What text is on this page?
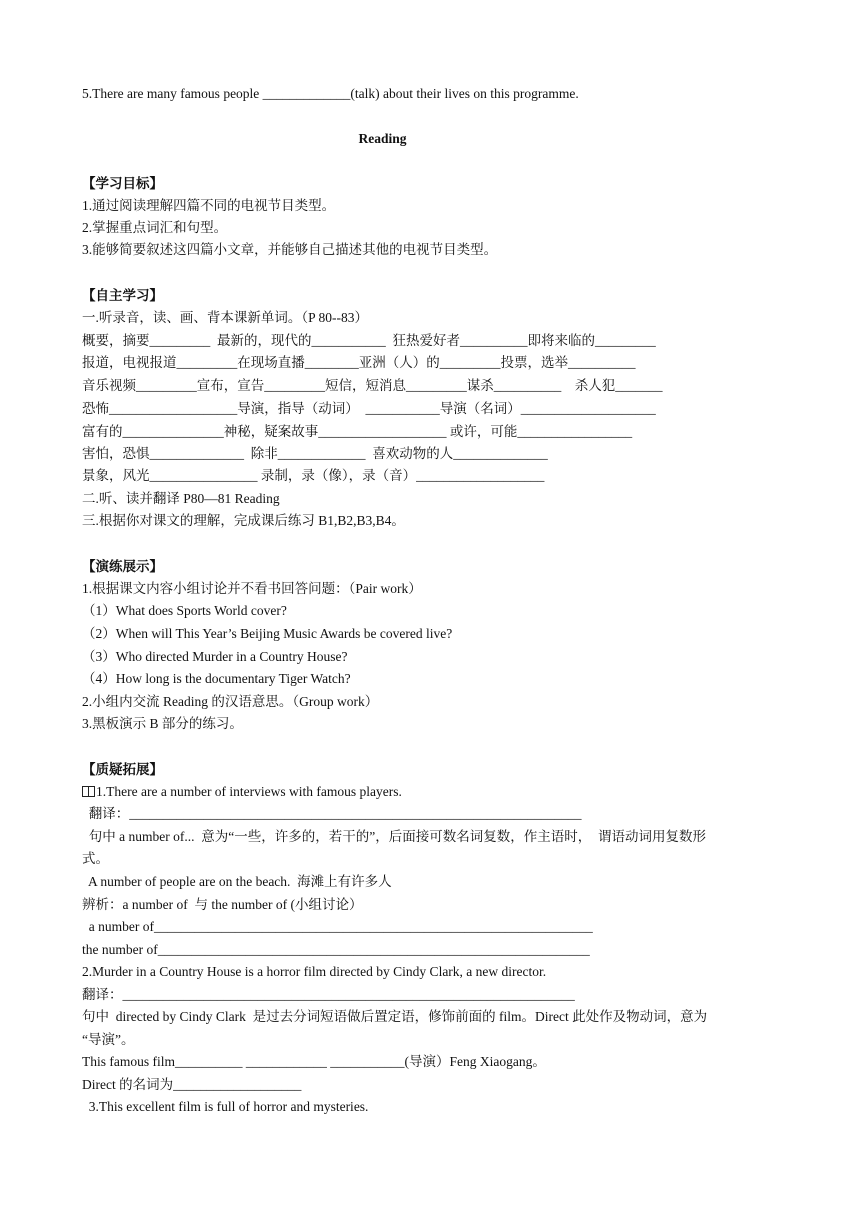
5.There are many famous people _____________(talk) about their lives on this programme.
Reading
【学习目标】
1.通过阅读理解四篇不同的电视节目类型。
2.掌握重点词汇和句型。
3.能够简要叙述这四篇小文章，并能够自己描述其他的电视节目类型。
【自主学习】
一.听录音，读、画、背本课新单词。（P 80--83）
概要，摘要_________  最新的，现代的___________  狂热爱好者__________即将来临的_________
报道，电视报道_________在现场直播________亚洲（人）的_________投票，选举__________
音乐视频_________宣布，宣告_________短信，短消息_________谋杀__________    杀人犯_______
恐怖___________________导演，指导（动词）  ___________导演（名词）____________________
富有的_______________神秘，疑案故事___________________ 或许，可能_________________
害怕，恐惧______________  除非_____________  喜欢动物的人______________
景象，风光________________ 录制，录（像），录（音）___________________
二.听、读并翻译 P80—81 Reading
三.根据你对课文的理解，完成课后练习 B1,B2,B3,B4。
【演练展示】
1.根据课文内容小组讨论并不看书回答问题：（Pair work）
（1）What does Sports World cover?
（2）When will This Year’s Beijing Music Awards be covered live?
（3）Who directed Murder in a Country House?
（4）How long is the documentary Tiger Watch?
2.小组内交流 Reading 的汉语意思。（Group work）
3.黑板演示 B 部分的练习。
【质疑拓展】
1.There are a number of interviews with famous players.
翻译：___________________________________________________________________
句中 a number of...  意为“一些，许多的，若干的”，后面接可数名词复数，作主语时，  谓语动词用复数形
式。
A number of people are on the beach.  海滩上有许多人
辨析：a number of  与 the number of (小组讨论）
a number of_________________________________________________________________
the number of________________________________________________________________
2.Murder in a Country House is a horror film directed by Cindy Clark, a new director.
翻译：___________________________________________________________________
句中  directed by Cindy Clark  是过去分词短语做后置定语，修饰前面的 film。Direct 此处作及物动词，意为
“导演”。
This famous film__________ ____________ ___________(导演）Feng Xiaogang。
Direct 的名词为___________________
3.This excellent film is full of horror and mysteries.
